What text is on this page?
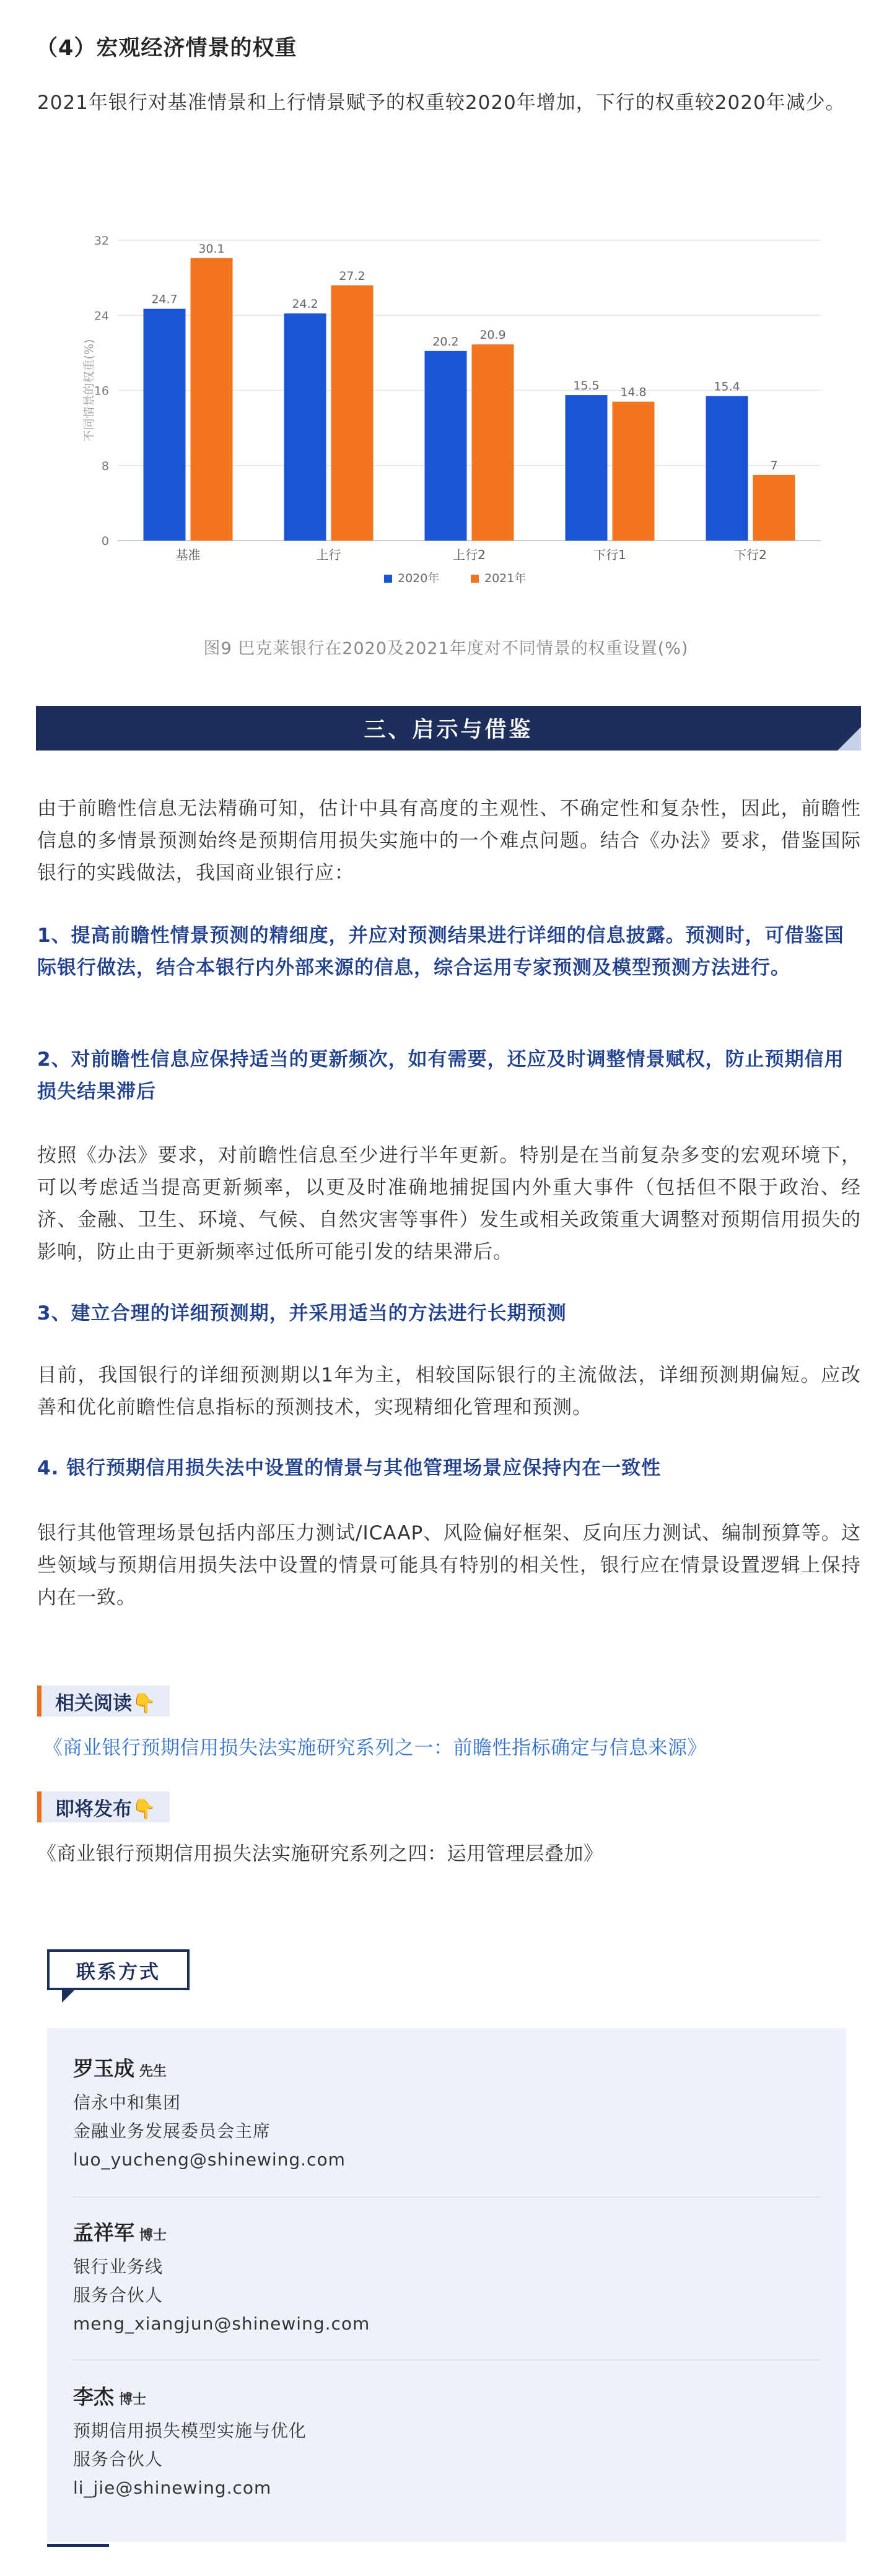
（4）宏观经济情景的权重
2021年银行对基准情景和上行情景赋予的权重较2020年增加，下行的权重较2020年减少。
0
8
16
24
32
不同情景的权重(%)
24.7
30.1
基准
24.2
27.2
上行
20.2 20.9
上行2
15.5 14.8
下行1
15.4
7
下行2
2020年	2021年
图9 巴克莱银行在2020及2021年度对不同情景的权重设置(%)
三、启示与借鉴
由于前瞻性信息无法精确可知，估计中具有高度的主观性、不确定性和复杂性，因此，前瞻性信息的多情景预测始终是预期信用损失实施中的一个难点问题。结合《办法》要求，借鉴国际银行的实践做法，我国商业银行应：
1、提高前瞻性情景预测的精细度，并应对预测结果进行详细的信息披露。预测时，可借鉴国际银行做法，结合本银行内外部来源的信息，综合运用专家预测及模型预测方法进行。
2、对前瞻性信息应保持适当的更新频次，如有需要，还应及时调整情景赋权，防止预期信用损失结果滞后
按照《办法》要求，对前瞻性信息至少进行半年更新。特别是在当前复杂多变的宏观环境下，可以考虑适当提高更新频率，以更及时准确地捕捉国内外重大事件（包括但不限于政治、经济、金融、卫生、环境、气候、自然灾害等事件）发生或相关政策重大调整对预期信用损失的影响，防止由于更新频率过低所可能引发的结果滞后。
3、建立合理的详细预测期，并采用适当的方法进行长期预测
目前，我国银行的详细预测期以1年为主，相较国际银行的主流做法，详细预测期偏短。应改善和优化前瞻性信息指标的预测技术，实现精细化管理和预测。
4. 银行预期信用损失法中设置的情景与其他管理场景应保持内在一致性
银行其他管理场景包括内部压力测试/ICAAP、风险偏好框架、反向压力测试、编制预算等。这些领域与预期信用损失法中设置的情景可能具有特别的相关性，银行应在情景设置逻辑上保持内在一致。
相关阅读👇
《商业银行预期信用损失法实施研究系列之一：前瞻性指标确定与信息来源》
即将发布👇
《商业银行预期信用损失法实施研究系列之四：运用管理层叠加》
联系方式
罗玉成 先生
信永中和集团
金融业务发展委员会主席
luo_yucheng@shinewing.com
孟祥军 博士
银行业务线
服务合伙人
meng_xiangjun@shinewing.com
李杰 博士
预期信用损失模型实施与优化
服务合伙人
li_jie@shinewing.com
